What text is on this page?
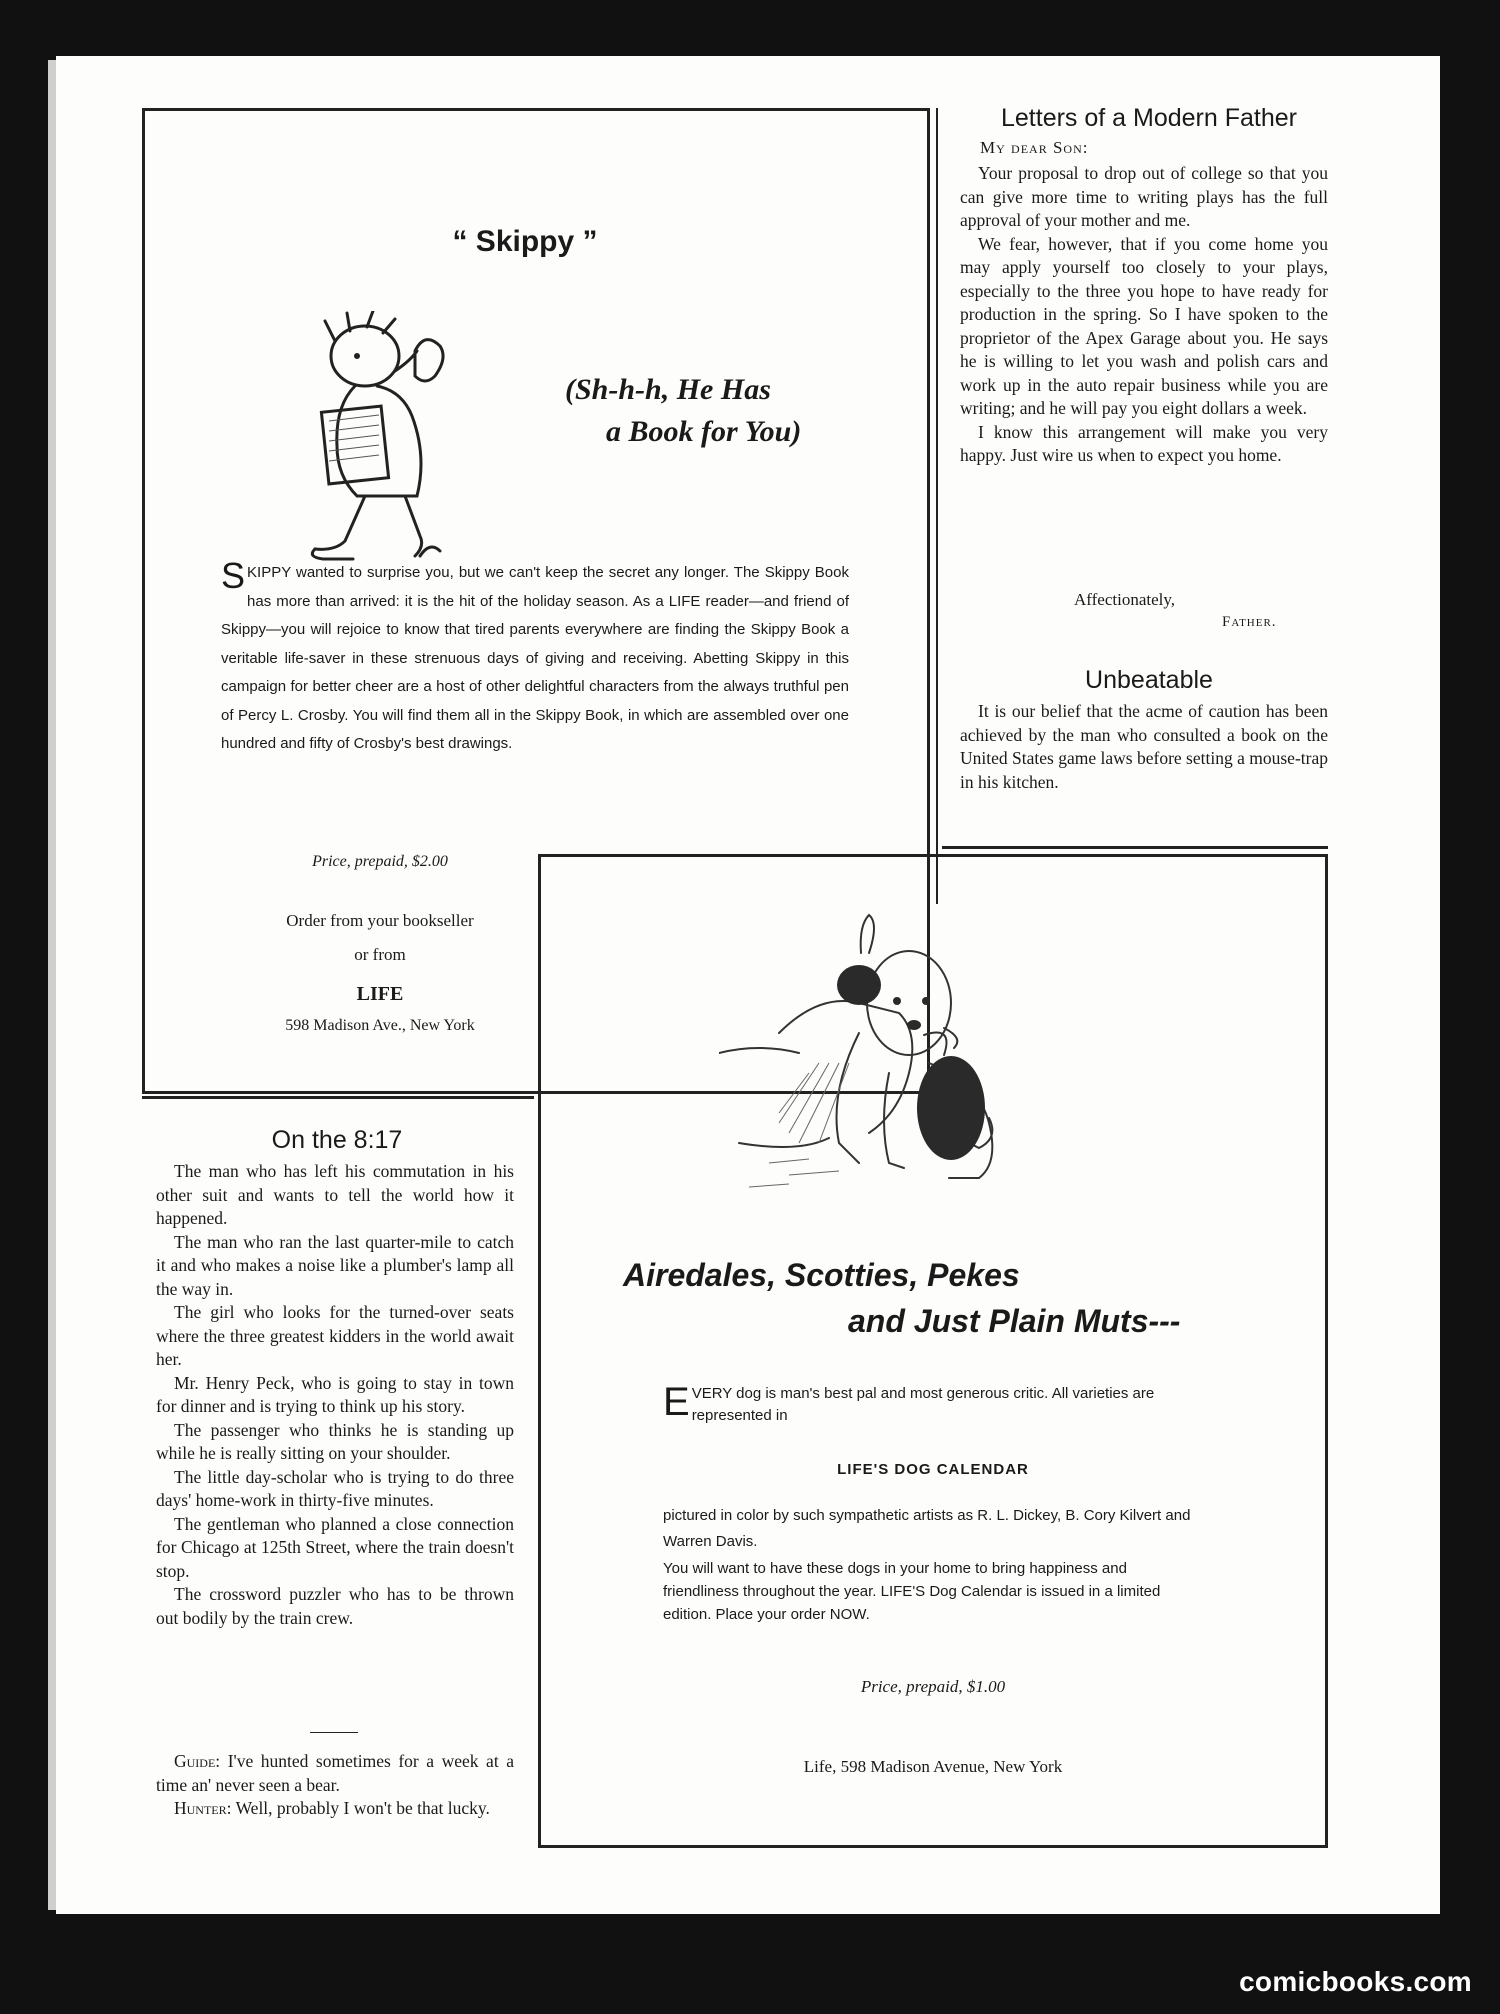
“ Skippy ”
(Sh-h-h, He Has
a Book for You)
SKIPPY wanted to surprise you, but we can't keep the secret any longer. The Skippy Book has more than arrived: it is the hit of the holiday season. As a LIFE reader—and friend of Skippy—you will rejoice to know that tired parents everywhere are finding the Skippy Book a veritable life-saver in these strenuous days of giving and receiving. Abetting Skippy in this campaign for better cheer are a host of other delightful characters from the always truthful pen of Percy L. Crosby. You will find them all in the Skippy Book, in which are assembled over one hundred and fifty of Crosby's best drawings.
Price, prepaid, $2.00
Order from your bookseller
or from
LIFE
598 Madison Ave., New York
Letters of a Modern Father
My dear Son:

Your proposal to drop out of college so that you can give more time to writing plays has the full approval of your mother and me.

We fear, however, that if you come home you may apply yourself too closely to your plays, especially to the three you hope to have ready for production in the spring. So I have spoken to the proprietor of the Apex Garage about you. He says he is willing to let you wash and polish cars and work up in the auto repair business while you are writing; and he will pay you eight dollars a week.

I know this arrangement will make you very happy. Just wire us when to expect you home.

Affectionately,
Father.
Unbeatable

It is our belief that the acme of caution has been achieved by the man who consulted a book on the United States game laws before setting a mouse-trap in his kitchen.

Airedales, Scotties, Pekes
and Just Plain Muts---
EVERY dog is man's best pal and most generous critic. All varieties are represented in
LIFE'S DOG CALENDAR
pictured in color by such sympathetic artists as R. L. Dickey, B. Cory Kilvert and Warren Davis.
You will want to have these dogs in your home to bring happiness and friendliness throughout the year. LIFE'S Dog Calendar is issued in a limited edition. Place your order NOW.
Price, prepaid, $1.00
Life, 598 Madison Avenue, New York
On the 8:17

The man who has left his commutation in his other suit and wants to tell the world how it happened.

The man who ran the last quarter-mile to catch it and who makes a noise like a plumber's lamp all the way in.

The girl who looks for the turned-over seats where the three greatest kidders in the world await her.

Mr. Henry Peck, who is going to stay in town for dinner and is trying to think up his story.

The passenger who thinks he is standing up while he is really sitting on your shoulder.

The little day-scholar who is trying to do three days' home-work in thirty-five minutes.

The gentleman who planned a close connection for Chicago at 125th Street, where the train doesn't stop.

The crossword puzzler who has to be thrown out bodily by the train crew.

Guide: I've hunted sometimes for a week at a time an' never seen a bear.

Hunter: Well, probably I won't be that lucky.

comicbooks.com
